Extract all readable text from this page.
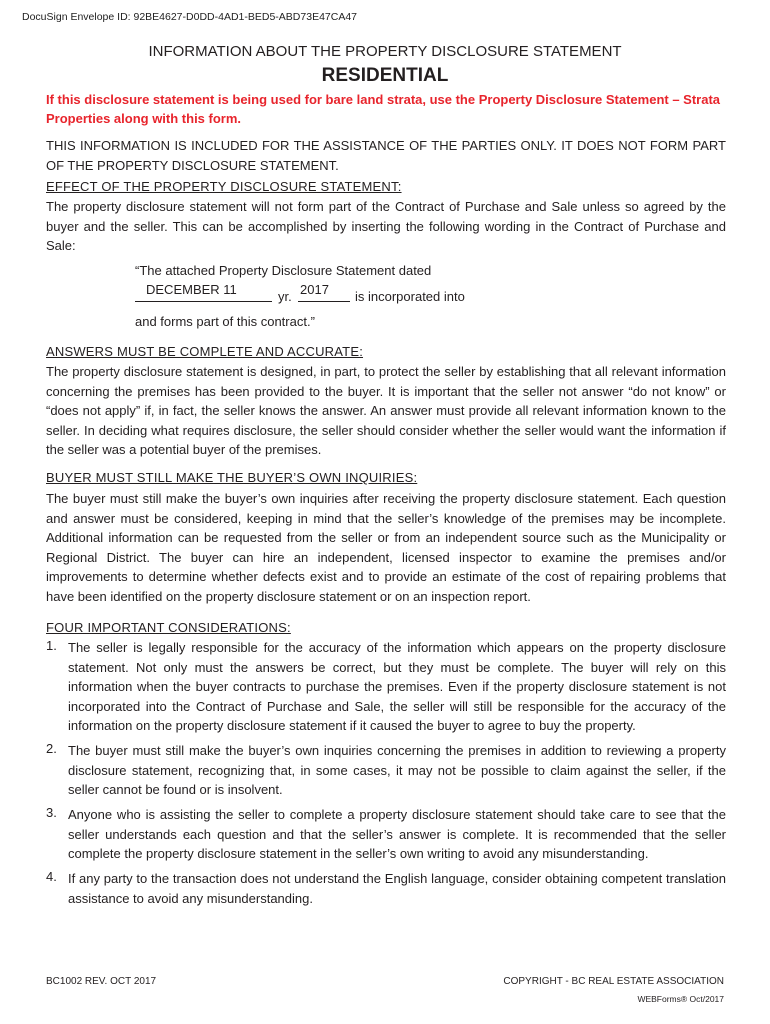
DocuSign Envelope ID: 92BE4627-D0DD-4AD1-BED5-ABD73E47CA47
INFORMATION ABOUT THE PROPERTY DISCLOSURE STATEMENT
RESIDENTIAL
If this disclosure statement is being used for bare land strata, use the Property Disclosure Statement – Strata Properties along with this form.
THIS INFORMATION IS INCLUDED FOR THE ASSISTANCE OF THE PARTIES ONLY. IT DOES NOT FORM PART OF THE PROPERTY DISCLOSURE STATEMENT.
EFFECT OF THE PROPERTY DISCLOSURE STATEMENT:
The property disclosure statement will not form part of the Contract of Purchase and Sale unless so agreed by the buyer and the seller. This can be accomplished by inserting the following wording in the Contract of Purchase and Sale:
“The attached Property Disclosure Statement dated
DECEMBER 11	yr. 2017 is incorporated into
and forms part of this contract.”
ANSWERS MUST BE COMPLETE AND ACCURATE:
The property disclosure statement is designed, in part, to protect the seller by establishing that all relevant information concerning the premises has been provided to the buyer. It is important that the seller not answer “do not know” or “does not apply” if, in fact, the seller knows the answer. An answer must provide all relevant information known to the seller. In deciding what requires disclosure, the seller should consider whether the seller would want the information if the seller was a potential buyer of the premises.
BUYER MUST STILL MAKE THE BUYER’S OWN INQUIRIES:
The buyer must still make the buyer’s own inquiries after receiving the property disclosure statement. Each question and answer must be considered, keeping in mind that the seller’s knowledge of the premises may be incomplete. Additional information can be requested from the seller or from an independent source such as the Municipality or Regional District. The buyer can hire an independent, licensed inspector to examine the premises and/or improvements to determine whether defects exist and to provide an estimate of the cost of repairing problems that have been identified on the property disclosure statement or on an inspection report.
FOUR IMPORTANT CONSIDERATIONS:
1. The seller is legally responsible for the accuracy of the information which appears on the property disclosure statement. Not only must the answers be correct, but they must be complete. The buyer will rely on this information when the buyer contracts to purchase the premises. Even if the property disclosure statement is not incorporated into the Contract of Purchase and Sale, the seller will still be responsible for the accuracy of the information on the property disclosure statement if it caused the buyer to agree to buy the property.
2. The buyer must still make the buyer’s own inquiries concerning the premises in addition to reviewing a property disclosure statement, recognizing that, in some cases, it may not be possible to claim against the seller, if the seller cannot be found or is insolvent.
3. Anyone who is assisting the seller to complete a property disclosure statement should take care to see that the seller understands each question and that the seller’s answer is complete. It is recommended that the seller complete the property disclosure statement in the seller’s own writing to avoid any misunderstanding.
4. If any party to the transaction does not understand the English language, consider obtaining competent translation assistance to avoid any misunderstanding.
BC1002 REV. OCT 2017	COPYRIGHT - BC REAL ESTATE ASSOCIATION
WEBForms® Oct/2017
